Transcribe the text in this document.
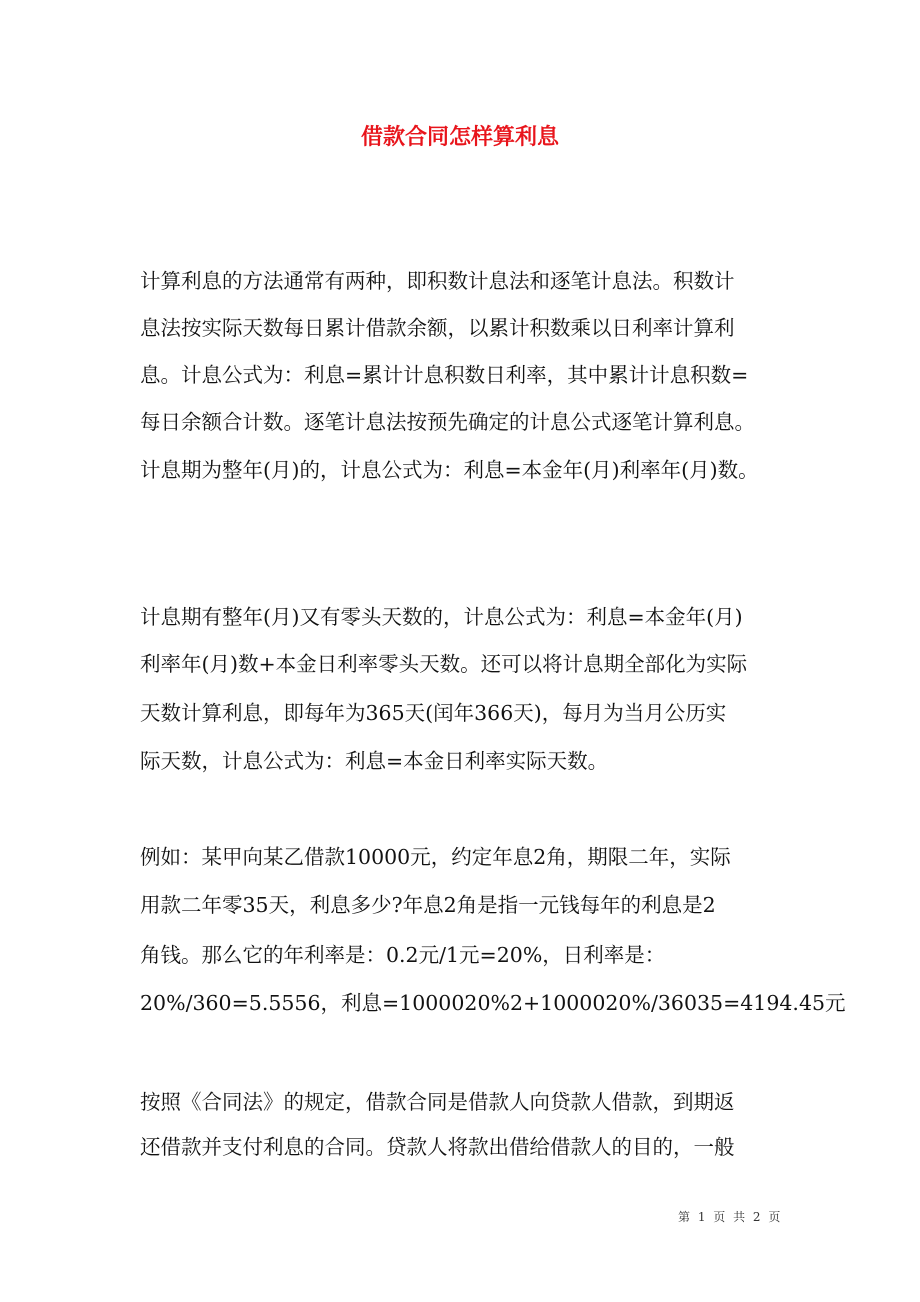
借款合同怎样算利息
计算利息的方法通常有两种，即积数计息法和逐笔计息法。积数计
息法按实际天数每日累计借款余额，以累计积数乘以日利率计算利
息。计息公式为：利息=累计计息积数日利率，其中累计计息积数=
每日余额合计数。逐笔计息法按预先确定的计息公式逐笔计算利息。
计息期为整年(月)的，计息公式为：利息=本金年(月)利率年(月)数。
计息期有整年(月)又有零头天数的，计息公式为：利息=本金年(月)
利率年(月)数+本金日利率零头天数。还可以将计息期全部化为实际
天数计算利息，即每年为365天(闰年366天)，每月为当月公历实
际天数，计息公式为：利息=本金日利率实际天数。
例如：某甲向某乙借款10000元，约定年息2角，期限二年，实际
用款二年零35天，利息多少?年息2角是指一元钱每年的利息是2
角钱。那么它的年利率是：0.2元/1元=20%，日利率是：
20%/360=5.5556，利息=1000020%2+1000020%/36035=4194.45元
按照《合同法》的规定，借款合同是借款人向贷款人借款，到期返
还借款并支付利息的合同。贷款人将款出借给借款人的目的，一般
第 1 页 共 2 页
